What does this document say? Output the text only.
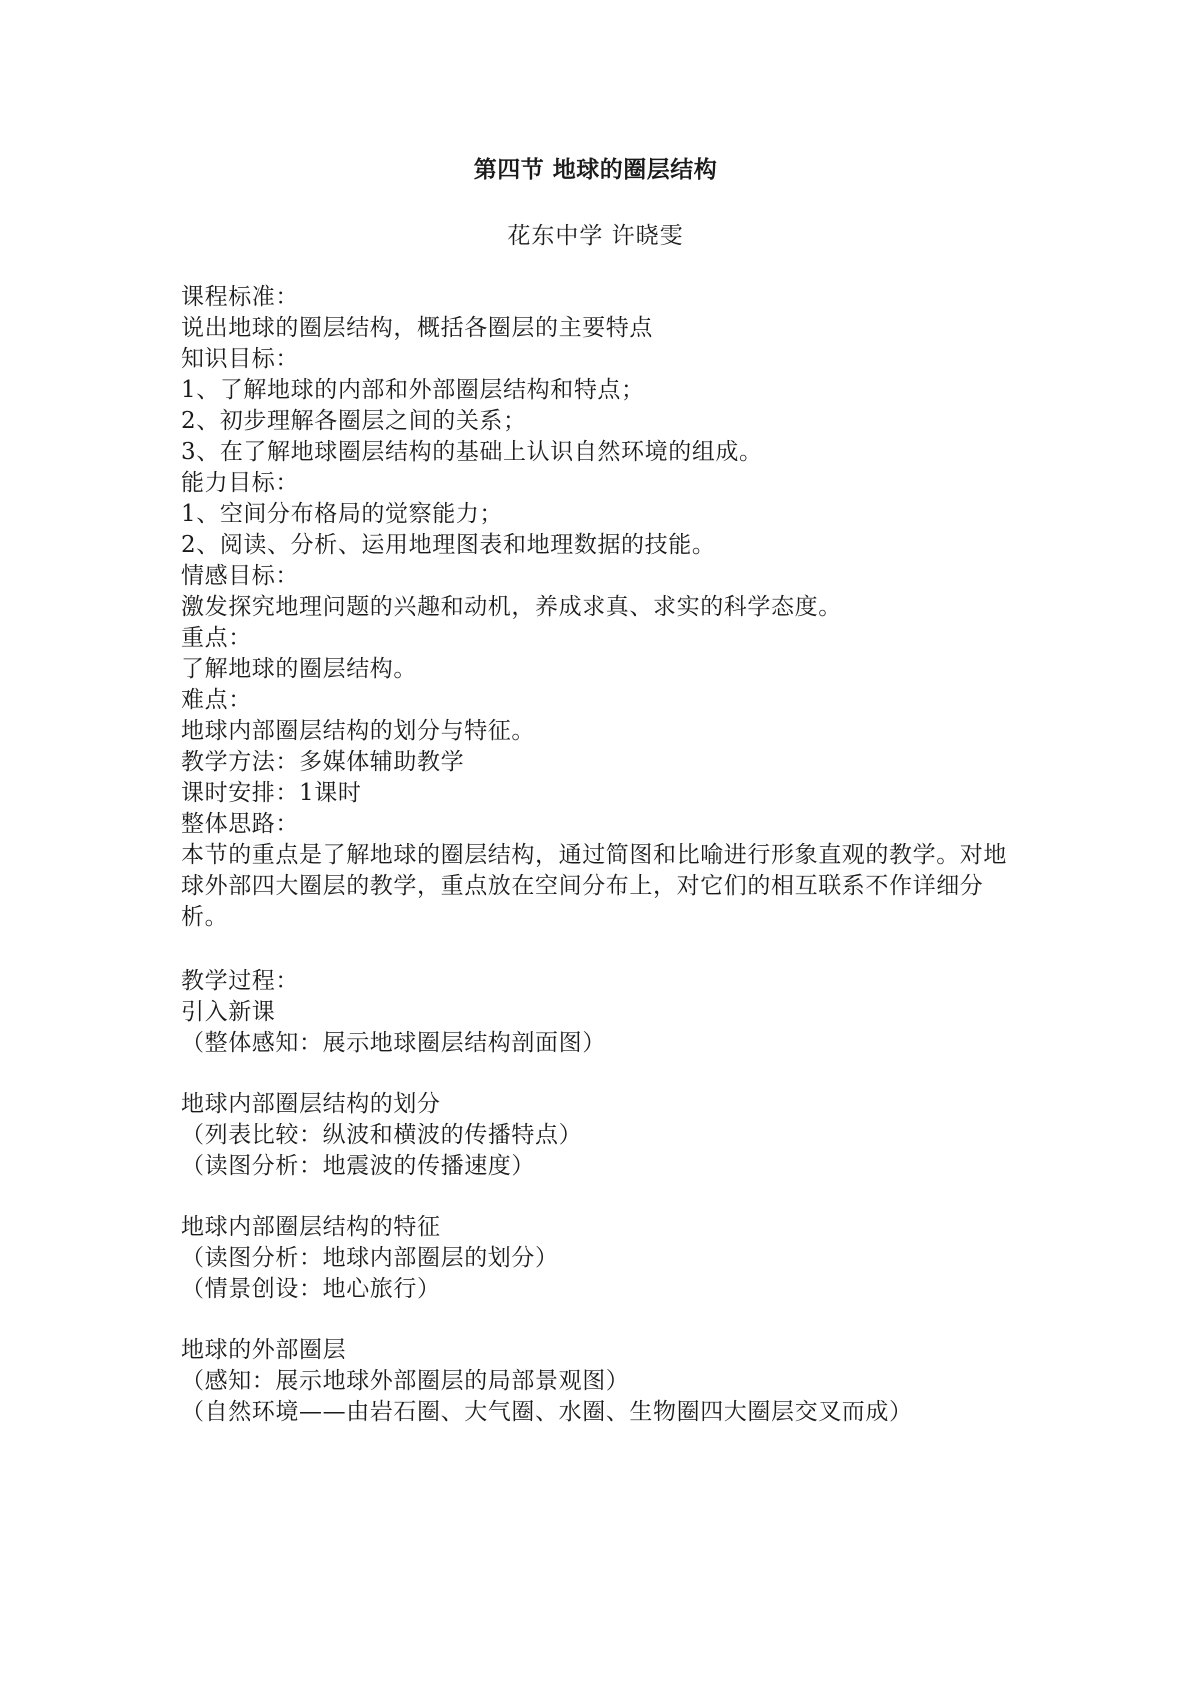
第四节 地球的圈层结构
花东中学 许晓雯
课程标准：
说出地球的圈层结构，概括各圈层的主要特点
知识目标：
1、了解地球的内部和外部圈层结构和特点；
2、初步理解各圈层之间的关系；
3、在了解地球圈层结构的基础上认识自然环境的组成。
能力目标：
1、空间分布格局的觉察能力；
2、阅读、分析、运用地理图表和地理数据的技能。
情感目标：
激发探究地理问题的兴趣和动机，养成求真、求实的科学态度。
重点：
了解地球的圈层结构。
难点：
地球内部圈层结构的划分与特征。
教学方法：多媒体辅助教学
课时安排：1课时
整体思路：
本节的重点是了解地球的圈层结构，通过简图和比喻进行形象直观的教学。对地
球外部四大圈层的教学，重点放在空间分布上，对它们的相互联系不作详细分
析。
教学过程：
引入新课
（整体感知：展示地球圈层结构剖面图）
地球内部圈层结构的划分
（列表比较：纵波和横波的传播特点）
（读图分析：地震波的传播速度）
地球内部圈层结构的特征
（读图分析：地球内部圈层的划分）
（情景创设：地心旅行）
地球的外部圈层
（感知：展示地球外部圈层的局部景观图）
（自然环境——由岩石圈、大气圈、水圈、生物圈四大圈层交叉而成）
